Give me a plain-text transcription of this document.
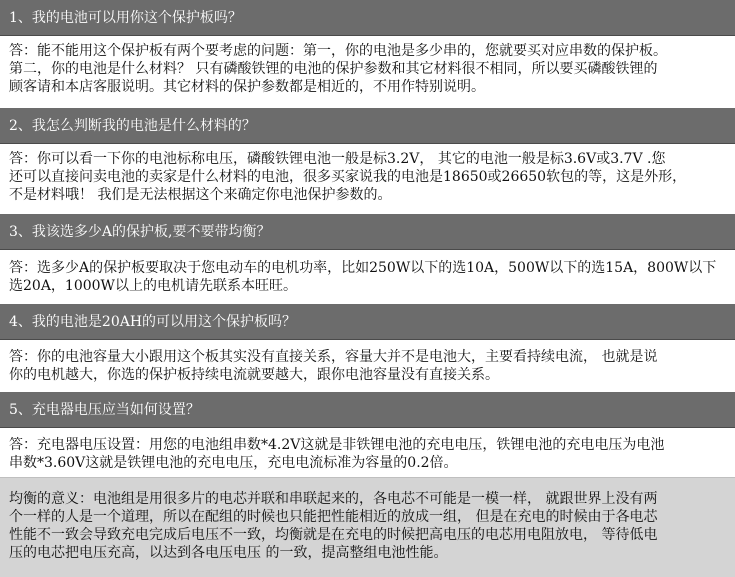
1、我的电池可以用你这个保护板吗？
答：能不能用这个保护板有两个要考虑的问题：第一，你的电池是多少串的，您就要买对应串数的保护板。
第二，你的电池是什么材料？ 只有磷酸铁锂的电池的保护参数和其它材料很不相同，所以要买磷酸铁锂的
顾客请和本店客服说明。其它材料的保护参数都是相近的，不用作特别说明。
2、我怎么判断我的电池是什么材料的？
答：你可以看一下你的电池标称电压，磷酸铁锂电池一般是标3.2V， 其它的电池一般是标3.6V或3.7V .您
还可以直接问卖电池的卖家是什么材料的电池，很多买家说我的电池是18650或26650软包的等，这是外形，
不是材料哦！ 我们是无法根据这个来确定你电池保护参数的。
3、我该选多少A的保护板,要不要带均衡？
答：选多少A的保护板要取决于您电动车的电机功率，比如250W以下的选10A，500W以下的选15A，800W以下
选20A，1000W以上的电机请先联系本旺旺。
4、我的电池是20AH的可以用这个保护板吗？
答：你的电池容量大小跟用这个板其实没有直接关系，容量大并不是电池大，主要看持续电流， 也就是说
你的电机越大，你选的保护板持续电流就要越大，跟你电池容量没有直接关系。
5、充电器电压应当如何设置？
答：充电器电压设置：用您的电池组串数*4.2V这就是非铁锂电池的充电电压，铁锂电池的充电电压为电池
串数*3.60V这就是铁锂电池的充电电压，充电电流标准为容量的0.2倍。
均衡的意义：电池组是用很多片的电芯并联和串联起来的，各电芯不可能是一模一样， 就跟世界上没有两
个一样的人是一个道理，所以在配组的时候也只能把性能相近的放成一组， 但是在充电的时候由于各电芯
性能不一致会导致充电完成后电压不一致，均衡就是在充电的时候把高电压的电芯用电阻放电， 等待低电
压的电芯把电压充高，以达到各电压电压 的一致，提高整组电池性能。
